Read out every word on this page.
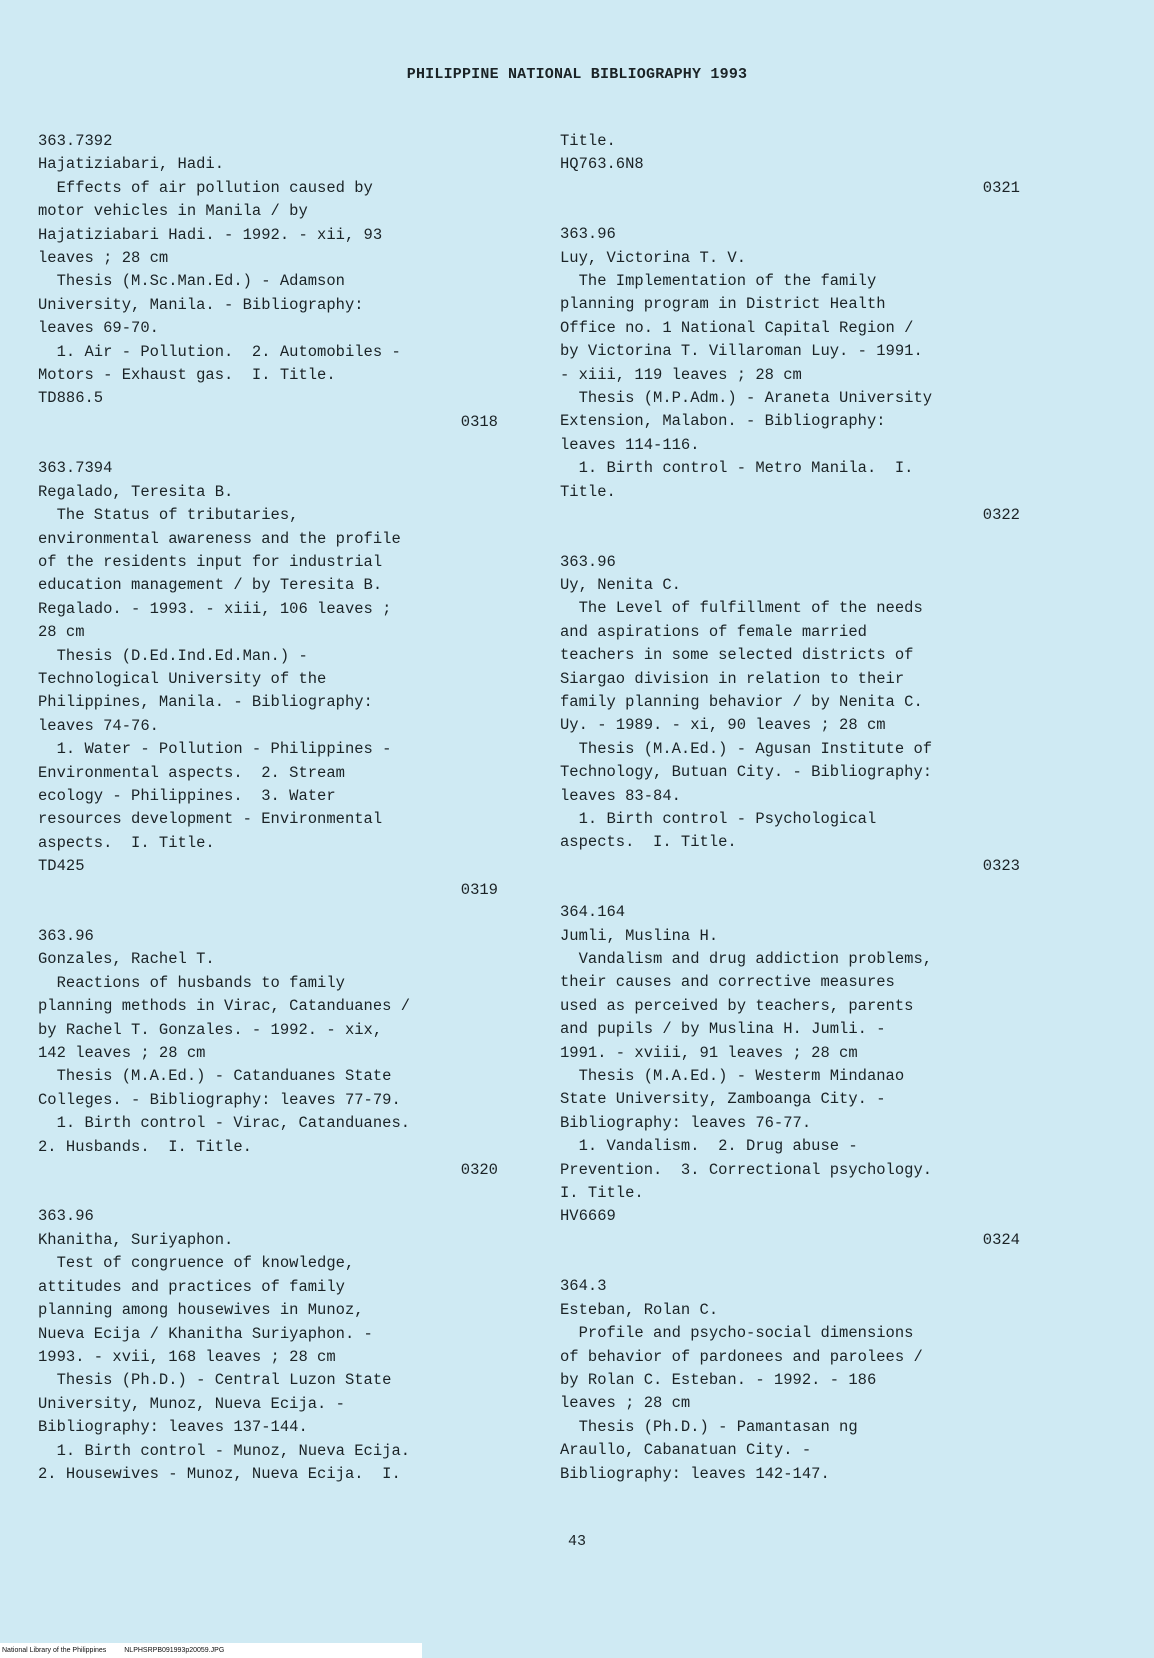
PHILIPPINE NATIONAL BIBLIOGRAPHY 1993
363.7392
Hajatiziabari, Hadi.
Effects of air pollution caused by
motor vehicles in Manila / by
Hajatiziabari Hadi. - 1992. - xii, 93
leaves ; 28 cm
Thesis (M.Sc.Man.Ed.) - Adamson
University, Manila. - Bibliography:
leaves 69-70.
1. Air - Pollution.  2. Automobiles -
Motors - Exhaust gas.  I. Title.
TD886.5
0318
363.7394
Regalado, Teresita B.
The Status of tributaries,
environmental awareness and the profile
of the residents input for industrial
education management / by Teresita B.
Regalado. - 1993. - xiii, 106 leaves ;
28 cm
Thesis (D.Ed.Ind.Ed.Man.) -
Technological University of the
Philippines, Manila. - Bibliography:
leaves 74-76.
1. Water - Pollution - Philippines -
Environmental aspects.  2. Stream
ecology - Philippines.  3. Water
resources development - Environmental
aspects.  I. Title.
TD425
0319
363.96
Gonzales, Rachel T.
Reactions of husbands to family
planning methods in Virac, Catanduanes /
by Rachel T. Gonzales. - 1992. - xix,
142 leaves ; 28 cm
Thesis (M.A.Ed.) - Catanduanes State
Colleges. - Bibliography: leaves 77-79.
1. Birth control - Virac, Catanduanes.
2. Husbands.  I. Title.
0320
363.96
Khanitha, Suriyaphon.
Test of congruence of knowledge,
attitudes and practices of family
planning among housewives in Munoz,
Nueva Ecija / Khanitha Suriyaphon. -
1993. - xvii, 168 leaves ; 28 cm
Thesis (Ph.D.) - Central Luzon State
University, Munoz, Nueva Ecija. -
Bibliography: leaves 137-144.
1. Birth control - Munoz, Nueva Ecija.
2. Housewives - Munoz, Nueva Ecija.  I.
Title.
HQ763.6N8
0321
363.96
Luy, Victorina T. V.
The Implementation of the family
planning program in District Health
Office no. 1 National Capital Region /
by Victorina T. Villaroman Luy. - 1991.
- xiii, 119 leaves ; 28 cm
Thesis (M.P.Adm.) - Araneta University
Extension, Malabon. - Bibliography:
leaves 114-116.
1. Birth control - Metro Manila.  I.
Title.
0322
363.96
Uy, Nenita C.
The Level of fulfillment of the needs
and aspirations of female married
teachers in some selected districts of
Siargao division in relation to their
family planning behavior / by Nenita C.
Uy. - 1989. - xi, 90 leaves ; 28 cm
Thesis (M.A.Ed.) - Agusan Institute of
Technology, Butuan City. - Bibliography:
leaves 83-84.
1. Birth control - Psychological
aspects.  I. Title.
0323
364.164
Jumli, Muslina H.
Vandalism and drug addiction problems,
their causes and corrective measures
used as perceived by teachers, parents
and pupils / by Muslina H. Jumli. -
1991. - xviii, 91 leaves ; 28 cm
Thesis (M.A.Ed.) - Westerm Mindanao
State University, Zamboanga City. -
Bibliography: leaves 76-77.
1. Vandalism.  2. Drug abuse -
Prevention.  3. Correctional psychology.
I. Title.
HV6669
0324
364.3
Esteban, Rolan C.
Profile and psycho-social dimensions
of behavior of pardonees and parolees /
by Rolan C. Esteban. - 1992. - 186
leaves ; 28 cm
Thesis (Ph.D.) - Pamantasan ng
Araullo, Cabanatuan City. -
Bibliography: leaves 142-147.
43
National Library of the Philippines	NLPHSRPB091993p20059.JPG
